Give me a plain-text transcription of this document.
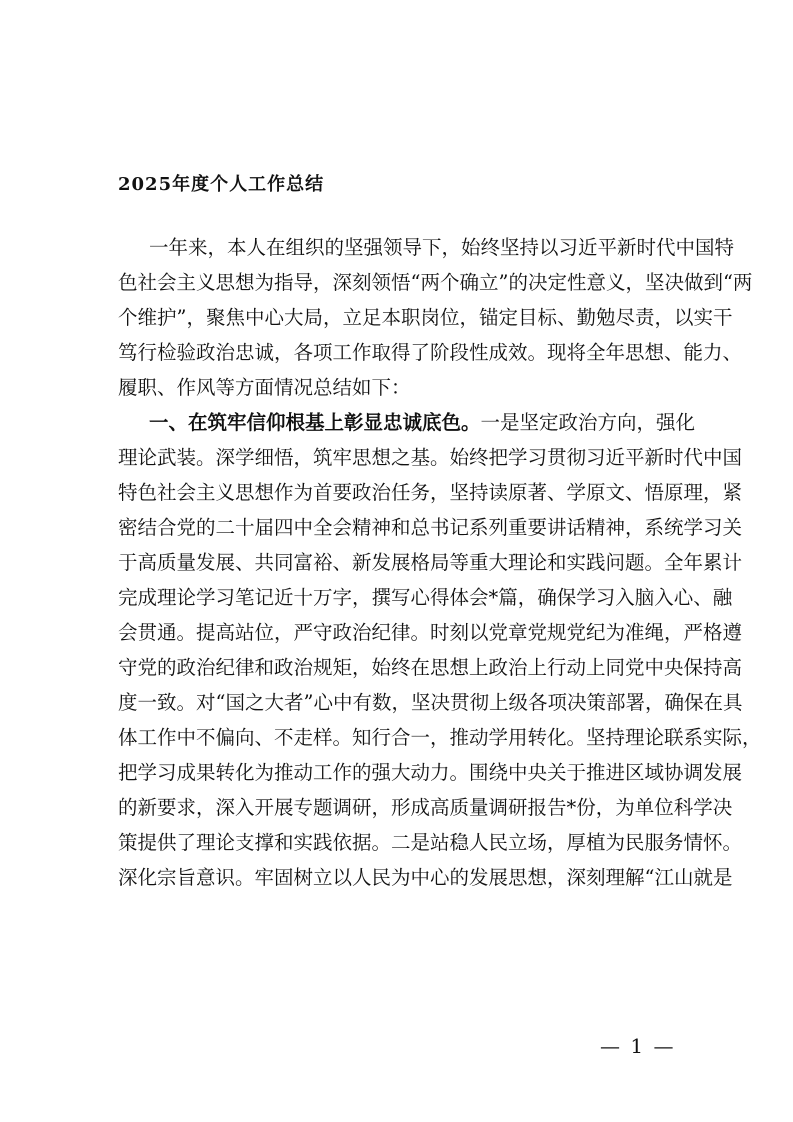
2025年度个人工作总结
一年来，本人在组织的坚强领导下，始终坚持以习近平新时代中国特
色社会主义思想为指导，深刻领悟“两个确立”的决定性意义，坚决做到“两
个维护”，聚焦中心大局，立足本职岗位，锚定目标、勤勉尽责，以实干
笃行检验政治忠诚，各项工作取得了阶段性成效。现将全年思想、能力、
履职、作风等方面情况总结如下：
一、在筑牢信仰根基上彰显忠诚底色。一是坚定政治方向，强化
理论武装。深学细悟，筑牢思想之基。始终把学习贯彻习近平新时代中国
特色社会主义思想作为首要政治任务，坚持读原著、学原文、悟原理，紧
密结合党的二十届四中全会精神和总书记系列重要讲话精神，系统学习关
于高质量发展、共同富裕、新发展格局等重大理论和实践问题。全年累计
完成理论学习笔记近十万字，撰写心得体会*篇，确保学习入脑入心、融
会贯通。提高站位，严守政治纪律。时刻以党章党规党纪为准绳，严格遵
守党的政治纪律和政治规矩，始终在思想上政治上行动上同党中央保持高
度一致。对“国之大者”心中有数，坚决贯彻上级各项决策部署，确保在具
体工作中不偏向、不走样。知行合一，推动学用转化。坚持理论联系实际，
把学习成果转化为推动工作的强大动力。围绕中央关于推进区域协调发展
的新要求，深入开展专题调研，形成高质量调研报告*份，为单位科学决
策提供了理论支撑和实践依据。二是站稳人民立场，厚植为民服务情怀。
深化宗旨意识。牢固树立以人民为中心的发展思想，深刻理解“江山就是
— 1 —
